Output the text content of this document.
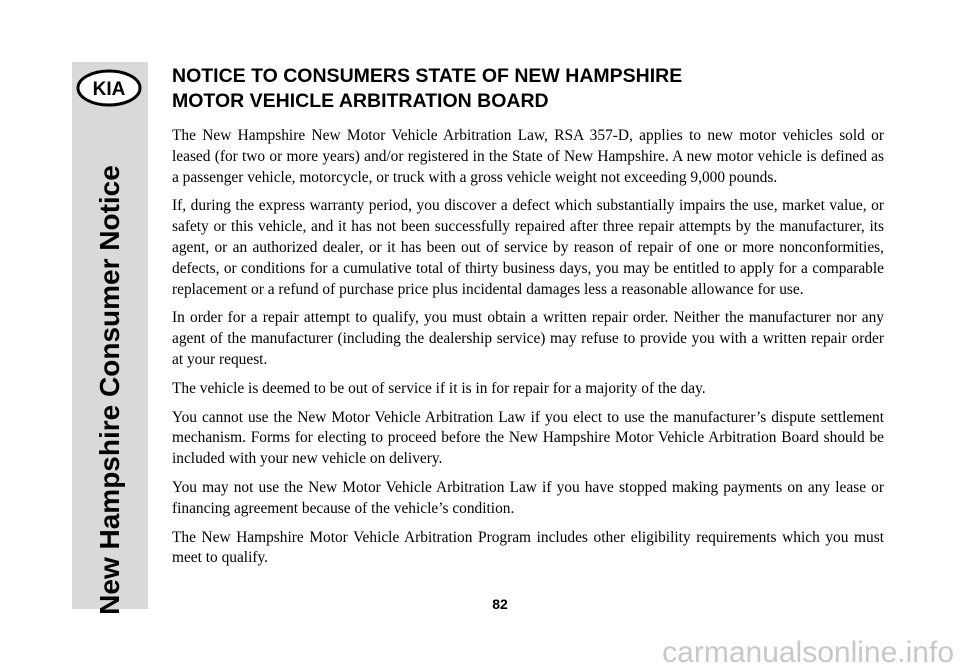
KIA
New Hampshire Consumer Notice
NOTICE TO CONSUMERS STATE OF NEW HAMPSHIRE
MOTOR VEHICLE ARBITRATION BOARD

The New Hampshire New Motor Vehicle Arbitration Law, RSA 357-D, applies to new motor vehicles sold or leased (for two or more years) and/or registered in the State of New Hampshire. A new motor vehicle is defined as a passenger vehicle, motorcycle, or truck with a gross vehicle weight not exceeding 9,000 pounds.

If, during the express warranty period, you discover a defect which substantially impairs the use, market value, or safety or this vehicle, and it has not been successfully repaired after three repair attempts by the manufacturer, its agent, or an authorized dealer, or it has been out of service by reason of repair of one or more nonconformities, defects, or conditions for a cumulative total of thirty business days, you may be entitled to apply for a comparable replacement or a refund of purchase price plus incidental damages less a reasonable allowance for use.

In order for a repair attempt to qualify, you must obtain a written repair order. Neither the manufacturer nor any agent of the manufacturer (including the dealership service) may refuse to provide you with a written repair order at your request.

The vehicle is deemed to be out of service if it is in for repair for a majority of the day.

You cannot use the New Motor Vehicle Arbitration Law if you elect to use the manufacturer’s dispute settlement mechanism. Forms for electing to proceed before the New Hampshire Motor Vehicle Arbitration Board should be included with your new vehicle on delivery.

You may not use the New Motor Vehicle Arbitration Law if you have stopped making payments on any lease or financing agreement because of the vehicle’s condition.

The New Hampshire Motor Vehicle Arbitration Program includes other eligibility requirements which you must meet to qualify.

82
carmanualsonline.info
